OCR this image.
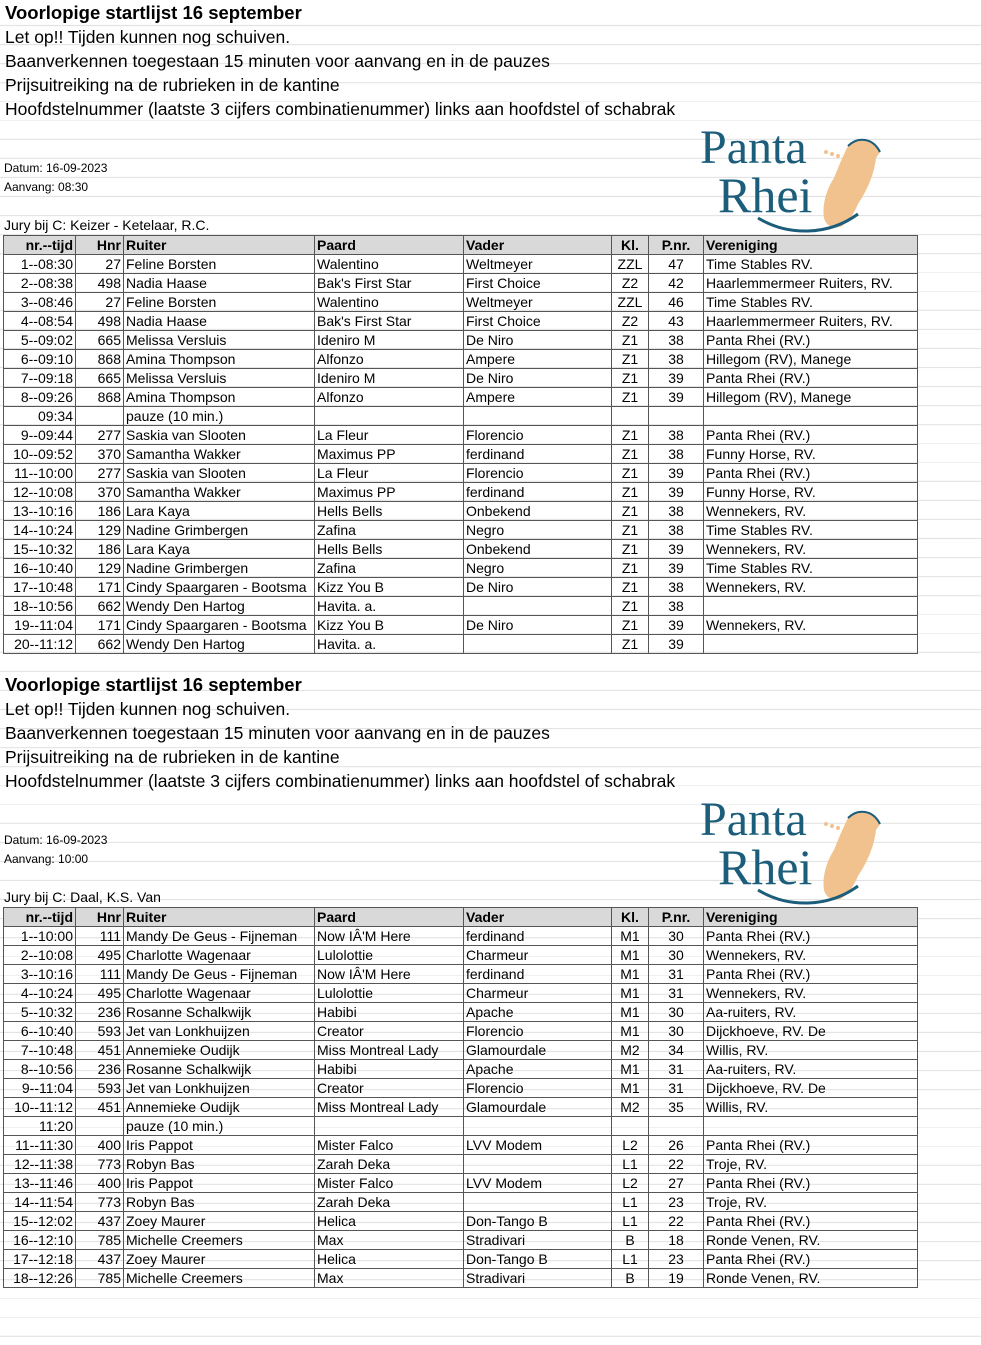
Voorlopige startlijst 16 september
Let op!! Tijden kunnen nog schuiven.
Baanverkennen toegestaan 15 minuten voor aanvang en in de pauzes
Prijsuitreiking na de rubrieken in de kantine
Hoofdstelnummer (laatste 3 cijfers combinatienummer) links aan hoofdstel of schabrak
Datum: 16-09-2023
Aanvang: 08:30
Jury bij C: Keizer - Ketelaar, R.C.
Panta
Rhei
nr.--tijd	Hnr	Ruiter	Paard	Vader	Kl.	P.nr.	Vereniging
1--08:30	27	Feline Borsten	Walentino	Weltmeyer	ZZL	47	Time Stables RV.
2--08:38	498	Nadia Haase	Bak's First Star	First Choice	Z2	42	Haarlemmermeer Ruiters, RV.
3--08:46	27	Feline Borsten	Walentino	Weltmeyer	ZZL	46	Time Stables RV.
4--08:54	498	Nadia Haase	Bak's First Star	First Choice	Z2	43	Haarlemmermeer Ruiters, RV.
5--09:02	665	Melissa Versluis	Ideniro M	De Niro	Z1	38	Panta Rhei (RV.)
6--09:10	868	Amina Thompson	Alfonzo	Ampere	Z1	38	Hillegom (RV), Manege
7--09:18	665	Melissa Versluis	Ideniro M	De Niro	Z1	39	Panta Rhei (RV.)
8--09:26	868	Amina Thompson	Alfonzo	Ampere	Z1	39	Hillegom (RV), Manege
09:34		pauze (10 min.)					
9--09:44	277	Saskia van Slooten	La Fleur	Florencio	Z1	38	Panta Rhei (RV.)
10--09:52	370	Samantha Wakker	Maximus PP	ferdinand	Z1	38	Funny Horse, RV.
11--10:00	277	Saskia van Slooten	La Fleur	Florencio	Z1	39	Panta Rhei (RV.)
12--10:08	370	Samantha Wakker	Maximus PP	ferdinand	Z1	39	Funny Horse, RV.
13--10:16	186	Lara Kaya	Hells Bells	Onbekend	Z1	38	Wennekers, RV.
14--10:24	129	Nadine Grimbergen	Zafina	Negro	Z1	38	Time Stables RV.
15--10:32	186	Lara Kaya	Hells Bells	Onbekend	Z1	39	Wennekers, RV.
16--10:40	129	Nadine Grimbergen	Zafina	Negro	Z1	39	Time Stables RV.
17--10:48	171	Cindy Spaargaren - Bootsma	Kizz You B	De Niro	Z1	38	Wennekers, RV.
18--10:56	662	Wendy Den Hartog	Havita. a.		Z1	38	
19--11:04	171	Cindy Spaargaren - Bootsma	Kizz You B	De Niro	Z1	39	Wennekers, RV.
20--11:12	662	Wendy Den Hartog	Havita. a.		Z1	39	
Voorlopige startlijst 16 september
Let op!! Tijden kunnen nog schuiven.
Baanverkennen toegestaan 15 minuten voor aanvang en in de pauzes
Prijsuitreiking na de rubrieken in de kantine
Hoofdstelnummer (laatste 3 cijfers combinatienummer) links aan hoofdstel of schabrak
Datum: 16-09-2023
Aanvang: 10:00
Jury bij C: Daal, K.S. Van
Panta
Rhei
nr.--tijd	Hnr	Ruiter	Paard	Vader	Kl.	P.nr.	Vereniging
1--10:00	111	Mandy De Geus - Fijneman	Now IÂ'M Here	ferdinand	M1	30	Panta Rhei (RV.)
2--10:08	495	Charlotte Wagenaar	Lulolottie	Charmeur	M1	30	Wennekers, RV.
3--10:16	111	Mandy De Geus - Fijneman	Now IÂ'M Here	ferdinand	M1	31	Panta Rhei (RV.)
4--10:24	495	Charlotte Wagenaar	Lulolottie	Charmeur	M1	31	Wennekers, RV.
5--10:32	236	Rosanne Schalkwijk	Habibi	Apache	M1	30	Aa-ruiters, RV.
6--10:40	593	Jet van Lonkhuijzen	Creator	Florencio	M1	30	Dijckhoeve, RV. De
7--10:48	451	Annemieke Oudijk	Miss Montreal Lady	Glamourdale	M2	34	Willis, RV.
8--10:56	236	Rosanne Schalkwijk	Habibi	Apache	M1	31	Aa-ruiters, RV.
9--11:04	593	Jet van Lonkhuijzen	Creator	Florencio	M1	31	Dijckhoeve, RV. De
10--11:12	451	Annemieke Oudijk	Miss Montreal Lady	Glamourdale	M2	35	Willis, RV.
11:20		pauze (10 min.)					
11--11:30	400	Iris Pappot	Mister Falco	LVV Modem	L2	26	Panta Rhei (RV.)
12--11:38	773	Robyn Bas	Zarah Deka		L1	22	Troje, RV.
13--11:46	400	Iris Pappot	Mister Falco	LVV Modem	L2	27	Panta Rhei (RV.)
14--11:54	773	Robyn Bas	Zarah Deka		L1	23	Troje, RV.
15--12:02	437	Zoey Maurer	Helica	Don-Tango B	L1	22	Panta Rhei (RV.)
16--12:10	785	Michelle Creemers	Max	Stradivari	B	18	Ronde Venen, RV.
17--12:18	437	Zoey Maurer	Helica	Don-Tango B	L1	23	Panta Rhei (RV.)
18--12:26	785	Michelle Creemers	Max	Stradivari	B	19	Ronde Venen, RV.
